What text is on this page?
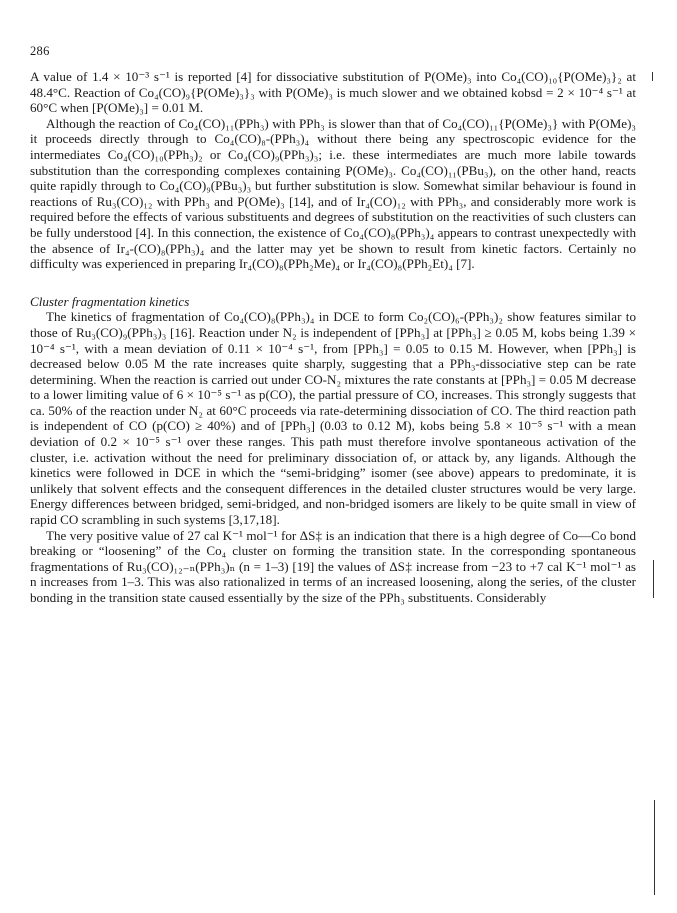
286

A value of 1.4 × 10⁻³ s⁻¹ is reported [4] for dissociative substitution of P(OMe)₃ into Co₄(CO)₁₀{P(OMe)₃}₂ at 48.4°C. Reaction of Co₄(CO)₉{P(OMe)₃}₃ with P(OMe)₃ is much slower and we obtained kobsd = 2 × 10⁻⁴ s⁻¹ at 60°C when [P(OMe)₃] = 0.01 M.

Although the reaction of Co₄(CO)₁₁(PPh₃) with PPh₃ is slower than that of Co₄(CO)₁₁{P(OMe)₃} with P(OMe)₃ it proceeds directly through to Co₄(CO)₈-(PPh₃)₄ without there being any spectroscopic evidence for the intermediates Co₄(CO)₁₀(PPh₃)₂ or Co₄(CO)₉(PPh₃)₃; i.e. these intermediates are much more labile towards substitution than the corresponding complexes containing P(OMe)₃. Co₄(CO)₁₁(PBu₃), on the other hand, reacts quite rapidly through to Co₄(CO)₉(PBu₃)₃ but further substitution is slow. Somewhat similar behaviour is found in reactions of Ru₃(CO)₁₂ with PPh₃ and P(OMe)₃ [14], and of Ir₄(CO)₁₂ with PPh₃, and considerably more work is required before the effects of various substituents and degrees of substitution on the reactivities of such clusters can be fully understood [4]. In this connection, the existence of Co₄(CO)₈(PPh₃)₄ appears to contrast unexpectedly with the absence of Ir₄-(CO)₈(PPh₃)₄ and the latter may yet be shown to result from kinetic factors. Certainly no difficulty was experienced in preparing Ir₄(CO)₈(PPh₂Me)₄ or Ir₄(CO)₈(PPh₂Et)₄ [7].

Cluster fragmentation kinetics

The kinetics of fragmentation of Co₄(CO)₈(PPh₃)₄ in DCE to form Co₂(CO)₆-(PPh₃)₂ show features similar to those of Ru₃(CO)₉(PPh₃)₃ [16]. Reaction under N₂ is independent of [PPh₃] at [PPh₃] ≥ 0.05 M, kobs being 1.39 × 10⁻⁴ s⁻¹, with a mean deviation of 0.11 × 10⁻⁴ s⁻¹, from [PPh₃] = 0.05 to 0.15 M. However, when [PPh₃] is decreased below 0.05 M the rate increases quite sharply, suggesting that a PPh₃-dissociative step can be rate determining. When the reaction is carried out under CO-N₂ mixtures the rate constants at [PPh₃] = 0.05 M decrease to a lower limiting value of 6 × 10⁻⁵ s⁻¹ as p(CO), the partial pressure of CO, increases. This strongly suggests that ca. 50% of the reaction under N₂ at 60°C proceeds via rate-determining dissociation of CO. The third reaction path is independent of CO (p(CO) ≥ 40%) and of [PPh₃] (0.03 to 0.12 M), kobs being 5.8 × 10⁻⁵ s⁻¹ with a mean deviation of 0.2 × 10⁻⁵ s⁻¹ over these ranges. This path must therefore involve spontaneous activation of the cluster, i.e. activation without the need for preliminary dissociation of, or attack by, any ligands. Although the kinetics were followed in DCE in which the “semi-bridging” isomer (see above) appears to predominate, it is unlikely that solvent effects and the consequent differences in the detailed cluster structures would be very large. Energy differences between bridged, semi-bridged, and non-bridged isomers are likely to be quite small in view of rapid CO scrambling in such systems [3,17,18].

The very positive value of 27 cal K⁻¹ mol⁻¹ for ΔS‡ is an indication that there is a high degree of Co—Co bond breaking or “loosening” of the Co₄ cluster on forming the transition state. In the corresponding spontaneous fragmentations of Ru₃(CO)₁₂₋ₙ(PPh₃)ₙ (n = 1–3) [19] the values of ΔS‡ increase from −23 to +7 cal K⁻¹ mol⁻¹ as n increases from 1–3. This was also rationalized in terms of an increased loosening, along the series, of the cluster bonding in the transition state caused essentially by the size of the PPh₃ substituents. Considerably
